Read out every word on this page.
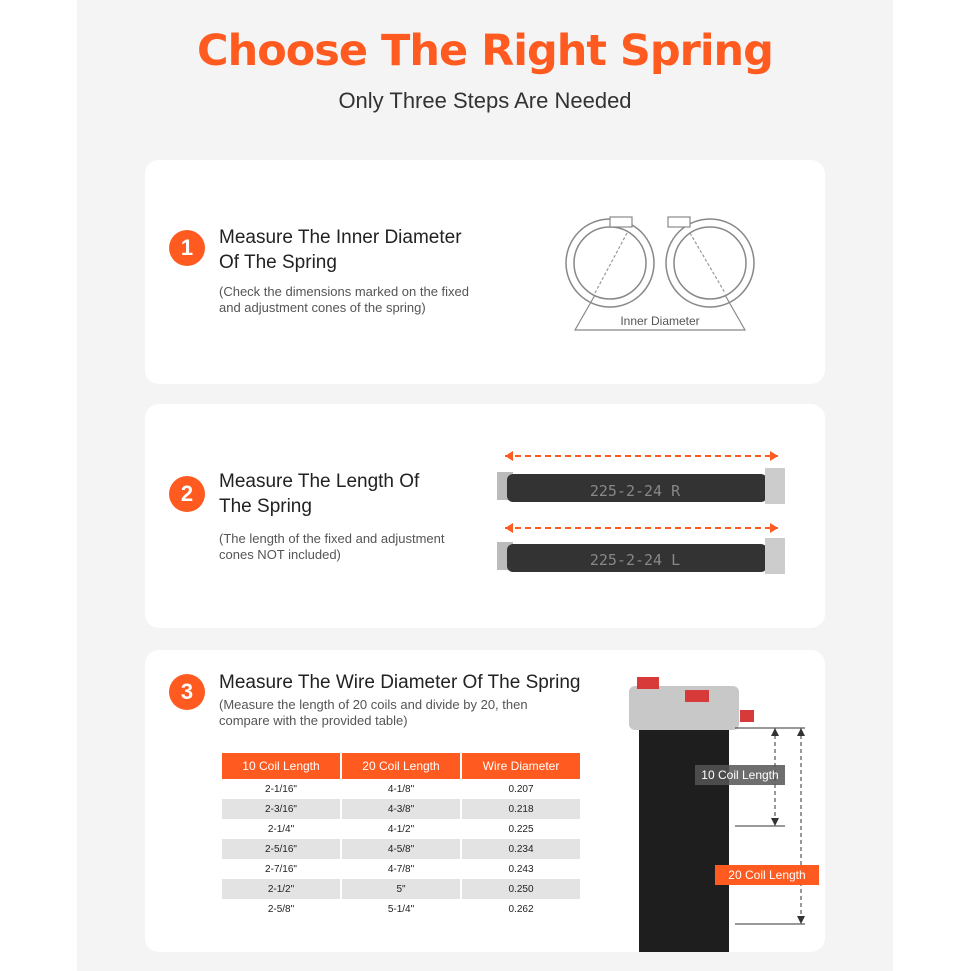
Choose The Right Spring

Only Three Steps Are Needed

1	Measure The Inner Diameter
Of The Spring
(Check the dimensions marked on the fixed
and adjustment cones of the spring)
Inner Diameter
2	Measure The Length Of
The Spring
(The length of the fixed and adjustment
cones NOT included)
225-2-24 R
225-2-24 L
3	Measure The Wire Diameter Of The Spring
(Measure the length of 20 coils and divide by 20, then
compare with the provided table)
10 Coil Length	20 Coil Length	Wire Diameter
2-1/16"	4-1/8"	0.207
2-3/16"	4-3/8"	0.218
2-1/4"	4-1/2"	0.225
2-5/16"	4-5/8"	0.234
2-7/16"	4-7/8"	0.243
2-1/2"	5"	0.250
2-5/8"	5-1/4"	0.262
10 Coil Length
20 Coil Length
